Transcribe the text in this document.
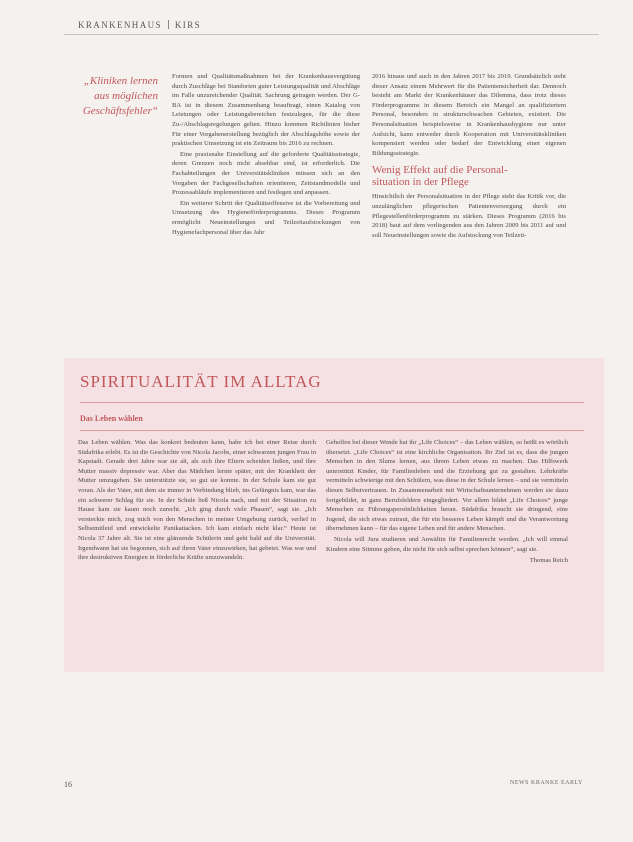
KRANKENHAUS KIRS
„Kliniken lernen
aus möglichen
Geschäftsfehler“

Formen und Qualitätsmaßnahmen bei der Krankenhausvergütung durch Zuschläge bei Standorten guter Leistungsqualität und Abschläge im Falle unzureichender Qualität. Sachrung getragen werden. Der G-BA ist in diesem Zusammenhang beauftragt, einen Katalog von Leistungen oder Leistungsbereichen festzulegen, für die diese Zu-/Abschlagsregelungen gelten. Hinzu kommen Richtlinien bisher Für einer Vorgabenerstellung bezüglich der Abschlagshöhe sowie der praktischen Umsetzung ist ein Zeitraum bis 2016 zu rechnen.

Eine praxisnahe Einstellung auf die geforderte Qualitätsstrategie, deren Grenzen noch nicht absehbar sind, ist erforderlich. Die Fachabteilungen der Universitätskliniken müssen sich an den Vorgaben der Fachgesellschaften orientieren, Zeitstandmodelle und Prozessabläufe implementieren und festlegen und anpassen.

Ein weiterer Schritt der Qualitätsoffensive ist die Vorbereitung und Umsetzung des Hygieneförderprogramms. Dieses Programm ermöglicht Neueinstellungen und Teilzeitaufstockungen von Hygienefachpersonal über das Jahr

2016 hinaus und auch in den Jahren 2017 bis 2019. Grundsätzlich steht dieser Ansatz einem Mehrwert für die Patientensicherheit dar. Dennoch besteht am Markt der Krankenhäuser das Dilemma, dass trotz dieses Förderprogramms in diesem Bereich ein Mangel an qualifiziertem Personal, besonders in strukturschwachen Gebieten, existiert. Die Personalsituation beispielsweise in Krankenhaushygiene nur unter Aufsicht, kann entweder durch Kooperation mit Universitätskliniken kompensiert werden oder bedarf der Entwicklung einer eigenen Bildungsstrategie.

Wenig Effekt auf die Personal-
situation in der Pflege

Hinsichtlich der Personalsituation in der Pflege steht das Kritik vor, die unzulänglichen pflegerischen Patientenversorgung durch ein Pflegestellenförderprogramm zu stärken. Dieses Programm (2016 bis 2018) baut auf dem vorliegenden aus den Jahren 2009 bis 2011 auf und soll Neueinstellungen sowie die Aufstockung von Teilzeit-

SPIRITUALITÄT IM ALLTAG
Das Leben wählen

Das Leben wählen. Was das konkret bedeuten kann, habe ich bei einer Reise durch Südafrika erlebt. Es ist die Geschichte von Nicola Jacobs, einer schwarzen jungen Frau in Kapstadt. Gerade drei Jahre war sie alt, als sich ihre Eltern scheiden ließen, und ihre Mutter massiv depressiv war. Aber das Mädchen lernte später, mit der Krankheit der Mutter umzugehen. Sie unterstützte sie, so gut sie konnte. In der Schule kam sie gut voran. Als der Vater, mit dem sie immer in Verbindung blieb, ins Gefängnis kam, war das ein schwerer Schlag für sie. In der Schule ließ Nicola nach, und mit der Situation zu Hause kam sie kaum noch zurecht. „Ich ging durch viele Phasen“, sagt sie. „Ich versteckte mich, zog mich von den Menschen in meiner Umgebung zurück, verlief in Selbstmitleid und entwickelte Panikattacken. Ich kam einfach nicht klar.“ Heute ist Nicola 37 Jahre alt. Sie ist eine glänzende Schülerin und geht bald auf die Universität. Irgendwann hat sie begonnen, sich auf ihren Vater einzuwirken, hat gebetet. Was war und ihre destruktiven Energien in förderliche Kräfte umzuwandeln.

Geholfen bei dieser Wende hat ihr „Life Choices“ – das Leben wählen, so heißt es wörtlich übersetzt. „Life Choices“ ist eine kirchliche Organisation. Ihr Ziel ist es, dass die jungen Menschen in den Slums lernen, aus ihrem Leben etwas zu machen. Das Hilfswerk unterstützt Kinder, für Familienleben und die Erziehung gut zu gestalten. Lehrkräfte vermitteln schwierige mit den Schülern, was diese in der Schule lernen – und sie vermitteln diesen Selbstvertrauen. In Zusammenarbeit mit Wirtschaftsunternehmen werden sie dazu fortgebildet, in ganz Berufsfeldern eingegliedert. Vor allem bildet „Life Choices“ junge Menschen zu Führungspersönlichkeiten heran. Südafrika braucht sie dringend, eine Jugend, die sich etwas zutraut, die für ein besseres Leben kämpft und die Verantwortung übernehmen kann – für das eigene Leben und für andere Menschen.

Nicola will Jura studieren und Anwältin für Familienrecht werden. „Ich will einmal Kindern eine Stimme geben, die nicht für sich selbst sprechen können“, sagt sie.

Thomas Reich
16	NEWS KRANKE EARLY
